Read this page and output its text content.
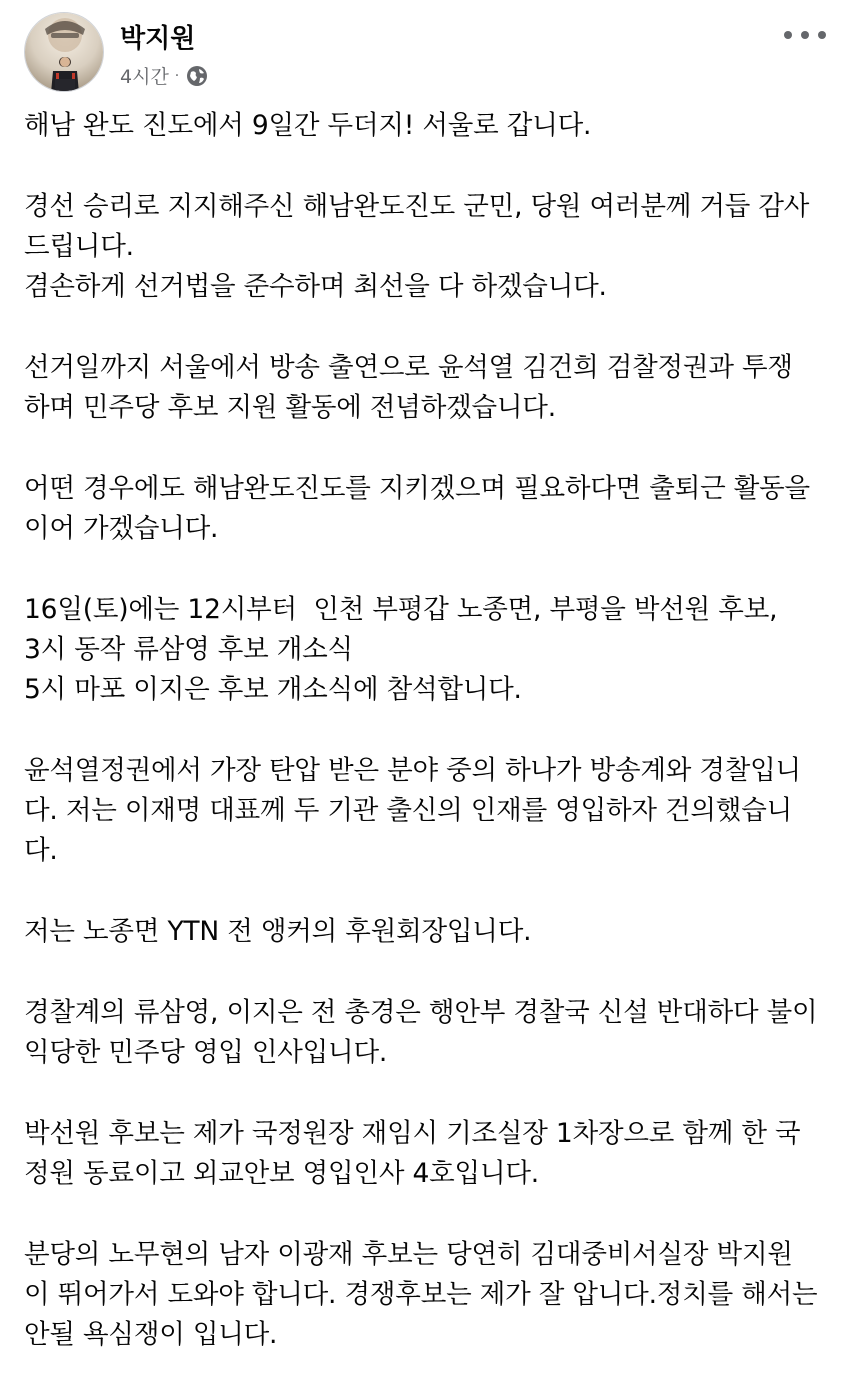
박지원
4시간 ·
해남 완도 진도에서 9일간 두더지! 서울로 갑니다.
경선 승리로 지지해주신 해남완도진도 군민, 당원 여러분께 거듭 감사
드립니다.
겸손하게 선거법을 준수하며 최선을 다 하겠습니다.
선거일까지 서울에서 방송 출연으로 윤석열 김건희 검찰정권과 투쟁
하며 민주당 후보 지원 활동에 전념하겠습니다.
어떤 경우에도 해남완도진도를 지키겠으며 필요하다면 출퇴근 활동을
이어 가겠습니다.
16일(토)에는 12시부터  인천 부평갑 노종면, 부평을 박선원 후보,
3시 동작 류삼영 후보 개소식
5시 마포 이지은 후보 개소식에 참석합니다.
윤석열정권에서 가장 탄압 받은 분야 중의 하나가 방송계와 경찰입니
다. 저는 이재명 대표께 두 기관 출신의 인재를 영입하자 건의했습니
다.
저는 노종면 YTN 전 앵커의 후원회장입니다.
경찰계의 류삼영, 이지은 전 총경은 행안부 경찰국 신설 반대하다 불이
익당한 민주당 영입 인사입니다.
박선원 후보는 제가 국정원장 재임시 기조실장 1차장으로 함께 한 국
정원 동료이고 외교안보 영입인사 4호입니다.
분당의 노무현의 남자 이광재 후보는 당연히 김대중비서실장 박지원
이 뛰어가서 도와야 합니다. 경쟁후보는 제가 잘 압니다.정치를 해서는
안될 욕심쟁이 입니다.
